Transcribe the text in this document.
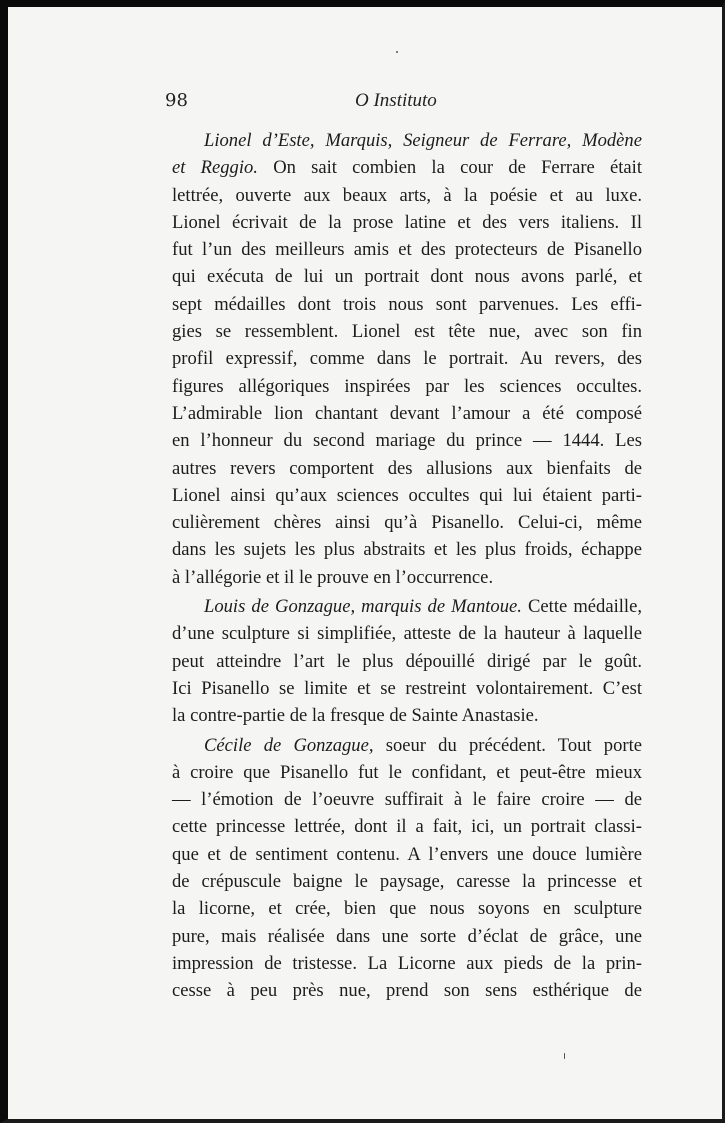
98	O Instituto
Lionel d’Este, Marquis, Seigneur de Ferrare, Modène
et Reggio. On sait combien la cour de Ferrare était
lettrée, ouverte aux beaux arts, à la poésie et au luxe.
Lionel écrivait de la prose latine et des vers italiens. Il
fut l’un des meilleurs amis et des protecteurs de Pisanello
qui exécuta de lui un portrait dont nous avons parlé, et
sept médailles dont trois nous sont parvenues. Les effi-
gies se ressemblent. Lionel est tête nue, avec son fin
profil expressif, comme dans le portrait. Au revers, des
figures allégoriques inspirées par les sciences occultes.
L’admirable lion chantant devant l’amour a été composé
en l’honneur du second mariage du prince — 1444. Les
autres revers comportent des allusions aux bienfaits de
Lionel ainsi qu’aux sciences occultes qui lui étaient parti-
culièrement chères ainsi qu’à Pisanello. Celui-ci, même
dans les sujets les plus abstraits et les plus froids, échappe
à l’allégorie et il le prouve en l’occurrence.
Louis de Gonzague, marquis de Mantoue. Cette médaille,
d’une sculpture si simplifiée, atteste de la hauteur à laquelle
peut atteindre l’art le plus dépouillé dirigé par le goût.
Ici Pisanello se limite et se restreint volontairement. C’est
la contre-partie de la fresque de Sainte Anastasie.
Cécile de Gonzague, soeur du précédent. Tout porte
à croire que Pisanello fut le confidant, et peut-être mieux
— l’émotion de l’oeuvre suffirait à le faire croire — de
cette princesse lettrée, dont il a fait, ici, un portrait classi-
que et de sentiment contenu. A l’envers une douce lumière
de crépuscule baigne le paysage, caresse la princesse et
la licorne, et crée, bien que nous soyons en sculpture
pure, mais réalisée dans une sorte d’éclat de grâce, une
impression de tristesse. La Licorne aux pieds de la prin-
cesse à peu près nue, prend son sens esthérique de
